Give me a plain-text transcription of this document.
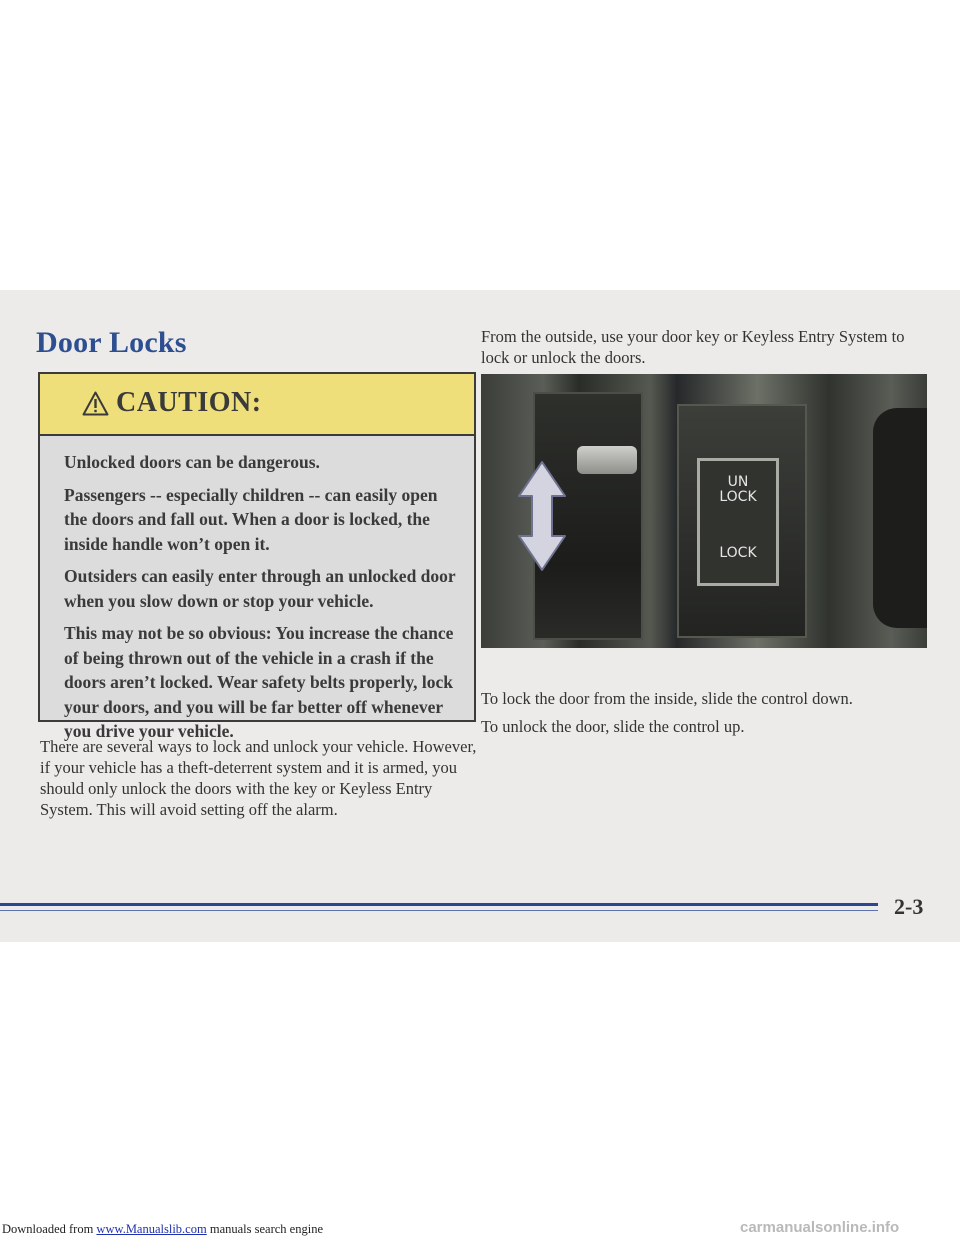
Door Locks
CAUTION:

Unlocked doors can be dangerous.

Passengers -- especially children -- can easily open the doors and fall out. When a door is locked, the inside handle won’t open it.

Outsiders can easily enter through an unlocked door when you slow down or stop your vehicle.

This may not be so obvious: You increase the chance of being thrown out of the vehicle in a crash if the doors aren’t locked. Wear safety belts properly, lock your doors, and you will be far better off whenever you drive your vehicle.

There are several ways to lock and unlock your vehicle. However, if your vehicle has a theft-deterrent system and it is armed, you should only unlock the doors with the key or Keyless Entry System. This will avoid setting off the alarm.

From the outside, use your door key or Keyless Entry System to lock or unlock the doors.

UN
LOCK
LOCK

To lock the door from the inside, slide the control down.

To unlock the door, slide the control up.

2-3
Downloaded from www.Manualslib.com manuals search engine	carmanualsonline.info
